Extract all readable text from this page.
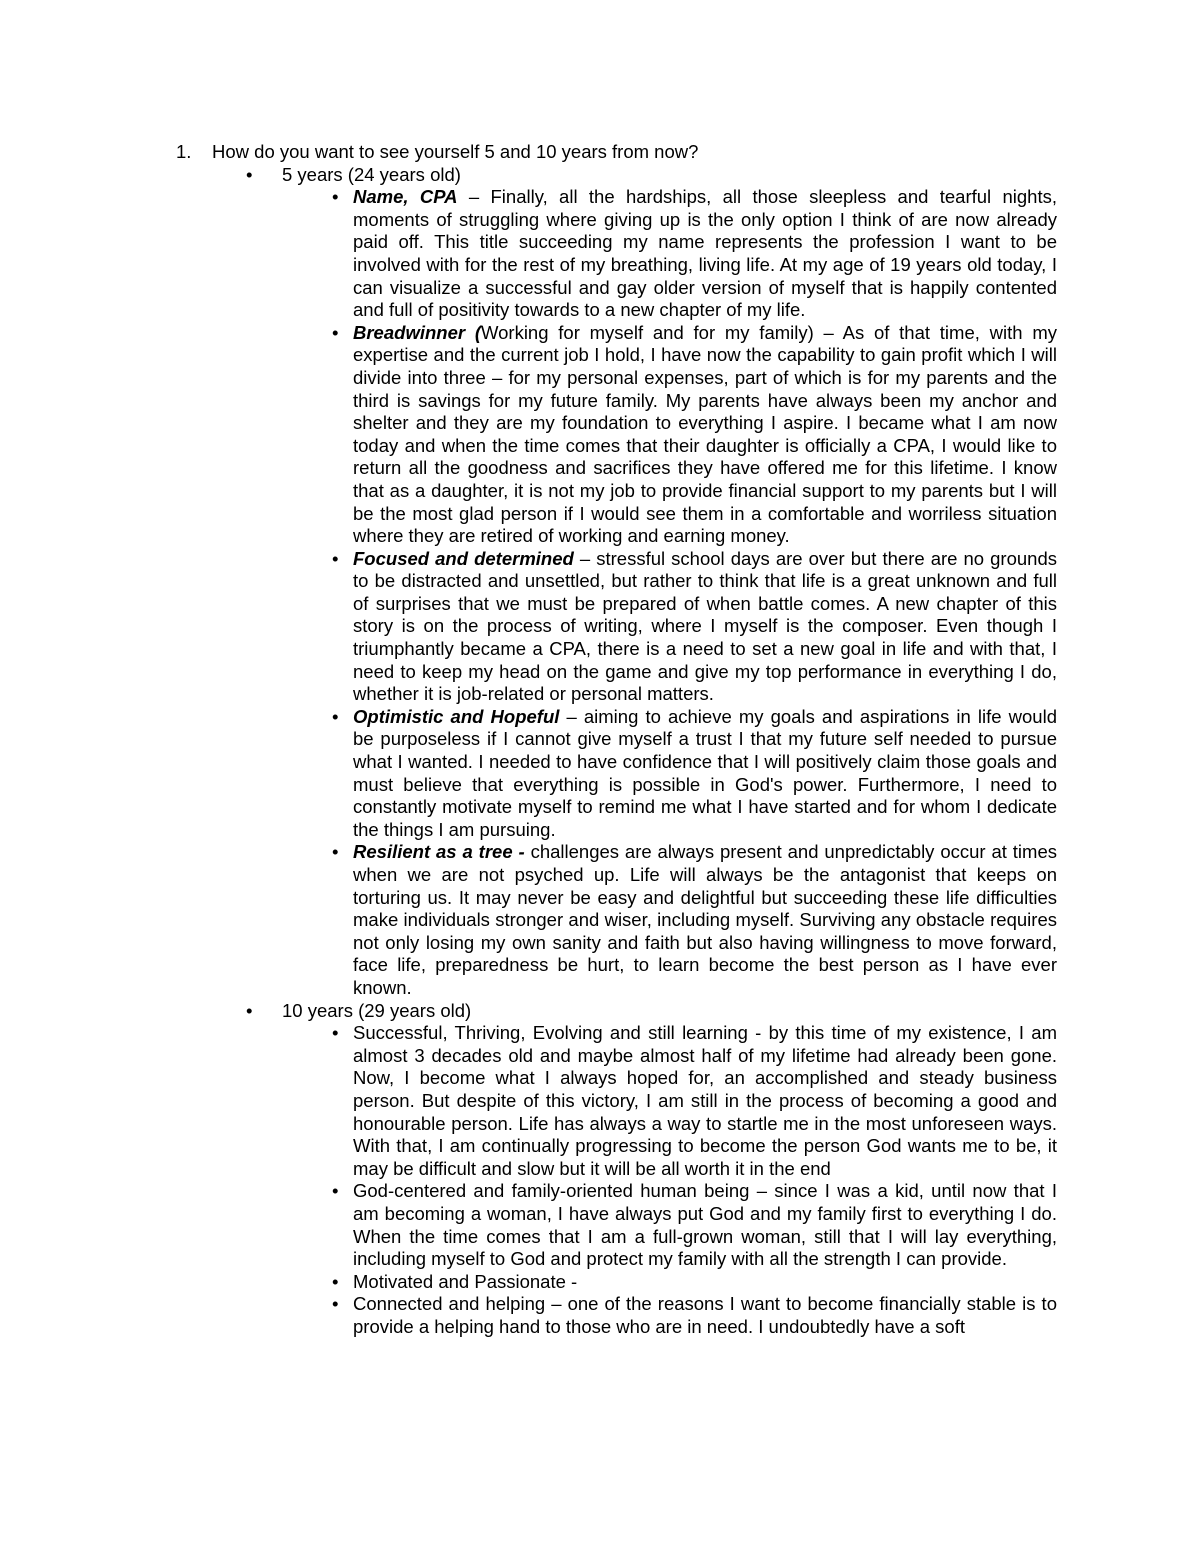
1. How do you want to see yourself 5 and 10 years from now?
• 5 years (24 years old)
• Name, CPA – Finally, all the hardships, all those sleepless and tearful nights, moments of struggling where giving up is the only option I think of are now already paid off. This title succeeding my name represents the profession I want to be involved with for the rest of my breathing, living life. At my age of 19 years old today, I can visualize a successful and gay older version of myself that is happily contented and full of positivity towards to a new chapter of my life.
• Breadwinner (Working for myself and for my family) – As of that time, with my expertise and the current job I hold, I have now the capability to gain profit which I will divide into three – for my personal expenses, part of which is for my parents and the third is savings for my future family. My parents have always been my anchor and shelter and they are my foundation to everything I aspire. I became what I am now today and when the time comes that their daughter is officially a CPA, I would like to return all the goodness and sacrifices they have offered me for this lifetime. I know that as a daughter, it is not my job to provide financial support to my parents but I will be the most glad person if I would see them in a comfortable and worriless situation where they are retired of working and earning money.
• Focused and determined – stressful school days are over but there are no grounds to be distracted and unsettled, but rather to think that life is a great unknown and full of surprises that we must be prepared of when battle comes. A new chapter of this story is on the process of writing, where I myself is the composer. Even though I triumphantly became a CPA, there is a need to set a new goal in life and with that, I need to keep my head on the game and give my top performance in everything I do, whether it is job-related or personal matters.
• Optimistic and Hopeful – aiming to achieve my goals and aspirations in life would be purposeless if I cannot give myself a trust I that my future self needed to pursue what I wanted. I needed to have confidence that I will positively claim those goals and must believe that everything is possible in God's power. Furthermore, I need to constantly motivate myself to remind me what I have started and for whom I dedicate the things I am pursuing.
• Resilient as a tree - challenges are always present and unpredictably occur at times when we are not psyched up. Life will always be the antagonist that keeps on torturing us. It may never be easy and delightful but succeeding these life difficulties make individuals stronger and wiser, including myself. Surviving any obstacle requires not only losing my own sanity and faith but also having willingness to move forward, face life, preparedness be hurt, to learn become the best person as I have ever known.
• 10 years (29 years old)
• Successful, Thriving, Evolving and still learning - by this time of my existence, I am almost 3 decades old and maybe almost half of my lifetime had already been gone. Now, I become what I always hoped for, an accomplished and steady business person. But despite of this victory, I am still in the process of becoming a good and honourable person. Life has always a way to startle me in the most unforeseen ways. With that, I am continually progressing to become the person God wants me to be, it may be difficult and slow but it will be all worth it in the end
• God-centered and family-oriented human being – since I was a kid, until now that I am becoming a woman, I have always put God and my family first to everything I do. When the time comes that I am a full-grown woman, still that I will lay everything, including myself to God and protect my family with all the strength I can provide.
• Motivated and Passionate -
• Connected and helping – one of the reasons I want to become financially stable is to provide a helping hand to those who are in need. I undoubtedly have a soft
